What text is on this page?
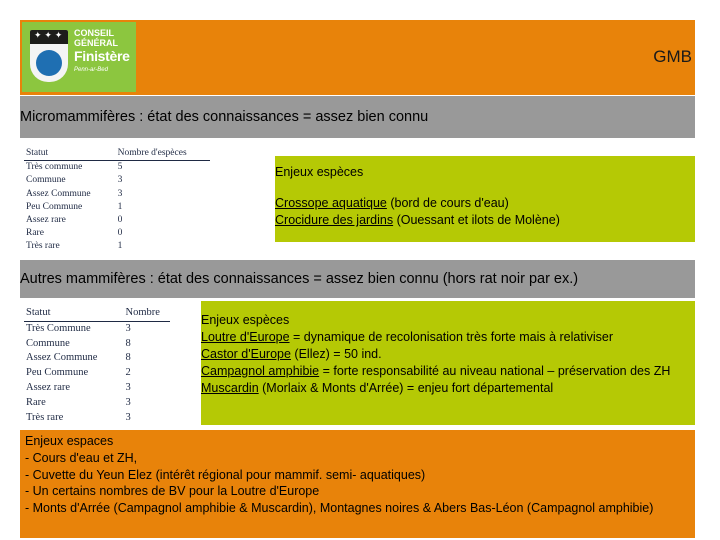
✦ ✦ ✦ CONSEIL
GÉNÉRAL
Finistère
Penn-ar-Bed
GMB
Micromammifères : état des connaissances = assez bien connu
Statut	Nombre d'espèces
Très commune	5
Commune	3
Assez Commune	3
Peu Commune	1
Assez rare	0
Rare	0
Très rare	1
Enjeux espèces
Crossope aquatique (bord de cours d'eau)
Crocidure des jardins (Ouessant et ilots de Molène)
Autres mammifères : état des connaissances = assez bien connu (hors rat noir par ex.)
Statut	Nombre
Très Commune	3
Commune	8
Assez Commune	8
Peu Commune	2
Assez rare	3
Rare	3
Très rare	3
Enjeux espèces
Loutre d'Europe = dynamique de recolonisation très forte mais à relativiser
Castor d'Europe (Ellez) = 50 ind.
Campagnol amphibie = forte responsabilité au niveau national – préservation des ZH
Muscardin (Morlaix & Monts d'Arrée) = enjeu fort départemental
Enjeux espaces
- Cours d'eau et ZH,
- Cuvette du Yeun Elez (intérêt régional pour mammif. semi- aquatiques)
- Un certains nombres de BV pour la Loutre d'Europe
- Monts d'Arrée (Campagnol amphibie & Muscardin), Montagnes noires & Abers Bas-Léon (Campagnol amphibie)
